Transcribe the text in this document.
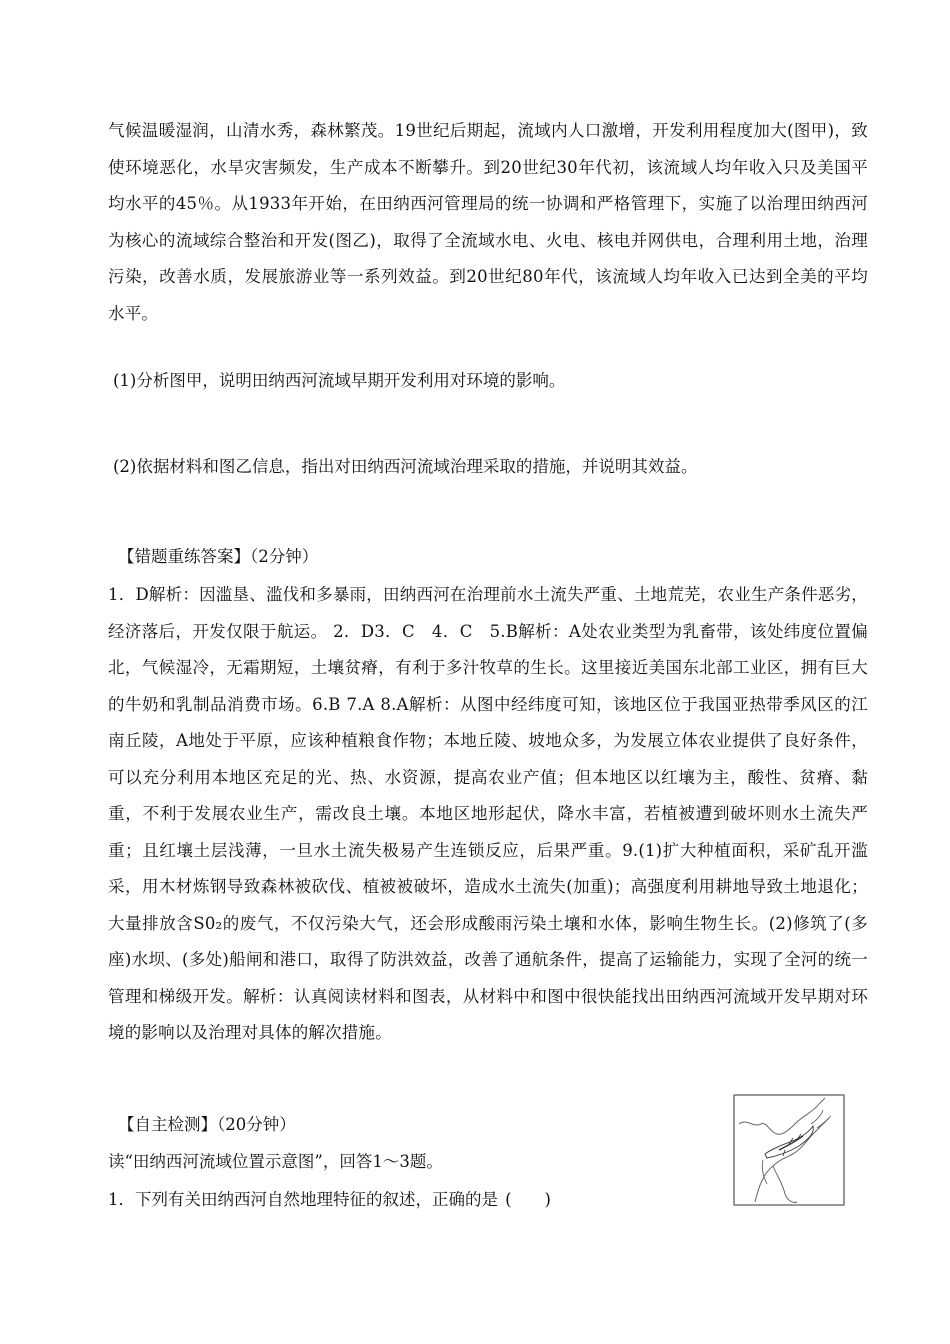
气候温暖湿润，山清水秀，森林繁茂。19世纪后期起，流域内人口激增，开发利用程度加大(图甲)，致使环境恶化，水旱灾害频发，生产成本不断攀升。到20世纪30年代初，该流域人均年收入只及美国平均水平的45％。从1933年开始，在田纳西河管理局的统一协调和严格管理下，实施了以治理田纳西河为核心的流域综合整治和开发(图乙)，取得了全流域水电、火电、核电并网供电，合理利用土地，治理污染，改善水质，发展旅游业等一系列效益。到20世纪80年代，该流域人均年收入已达到全美的平均水平。

(1)分析图甲，说明田纳西河流域早期开发利用对环境的影响。

(2)依据材料和图乙信息，指出对田纳西河流域治理采取的措施，并说明其效益。

【错题重练答案】（2分钟）

1．D解析：因滥垦、滥伐和多暴雨，田纳西河在治理前水土流失严重、土地荒芜，农业生产条件恶劣，经济落后，开发仅限于航运。 2．D3．C　4．C　5.B解析：A处农业类型为乳畜带，该处纬度位置偏北，气候湿冷，无霜期短，土壤贫瘠，有利于多汁牧草的生长。这里接近美国东北部工业区，拥有巨大的牛奶和乳制品消费市场。6.B 7.A 8.A解析：从图中经纬度可知，该地区位于我国亚热带季风区的江南丘陵，A地处于平原，应该种植粮食作物；本地丘陵、坡地众多，为发展立体农业提供了良好条件，可以充分利用本地区充足的光、热、水资源，提高农业产值；但本地区以红壤为主，酸性、贫瘠、黏重，不利于发展农业生产，需改良土壤。本地区地形起伏，降水丰富，若植被遭到破坏则水土流失严重；且红壤土层浅薄，一旦水土流失极易产生连锁反应，后果严重。9.(1)扩大种植面积，采矿乱开滥采，用木材炼钢导致森林被砍伐、植被被破坏，造成水土流失(加重)；高强度利用耕地导致土地退化；大量排放含S0₂的废气，不仅污染大气，还会形成酸雨污染土壤和水体，影响生物生长。(2)修筑了(多座)水坝、(多处)船闸和港口，取得了防洪效益，改善了通航条件，提高了运输能力，实现了全河的统一管理和梯级开发。解析：认真阅读材料和图表，从材料中和图中很快能找出田纳西河流域开发早期对环境的影响以及治理对具体的解次措施。

【自主检测】（20分钟）

读“田纳西河流域位置示意图”，回答1～3题。

1．下列有关田纳西河自然地理特征的叙述，正确的是 (　　)
